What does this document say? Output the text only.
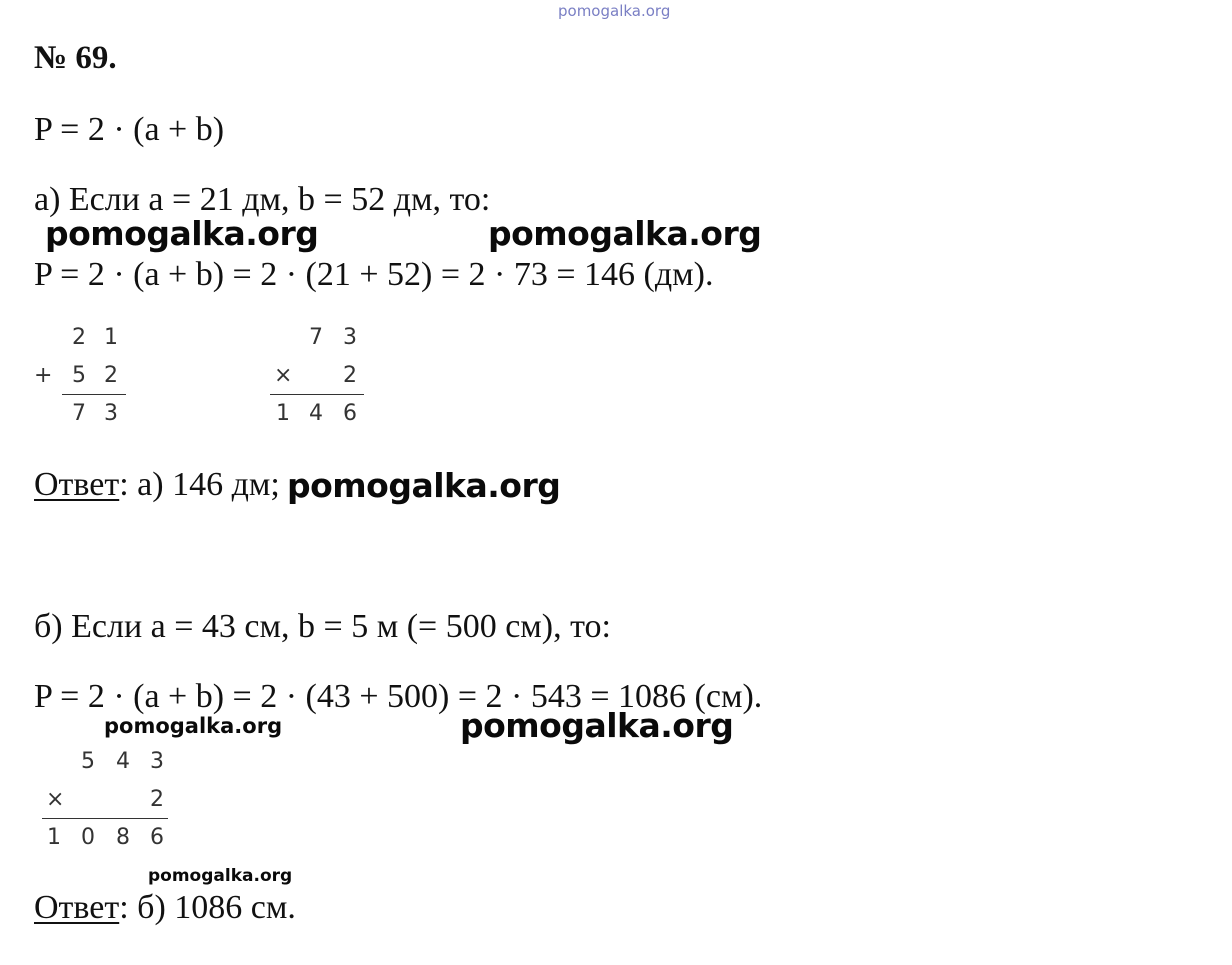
pomogalka.org
№ 69.
P = 2 · (a + b)
а) Если a = 21 дм, b = 52 дм, то:
pomogalka.org	pomogalka.org
P = 2 · (a + b) = 2 · (21 + 52) = 2 · 73 = 146 (дм).
2 1
+ 5 2
7 3
7 3
× 2
1 4 6
Ответ: а) 146 дм; pomogalka.org
б) Если a = 43 см, b = 5 м (= 500 см), то:
P = 2 · (a + b) = 2 · (43 + 500) = 2 · 543 = 1086 (см).
pomogalka.org	pomogalka.org
5 4 3
×	2
1 0 8 6
pomogalka.org
Ответ: б) 1086 см.
